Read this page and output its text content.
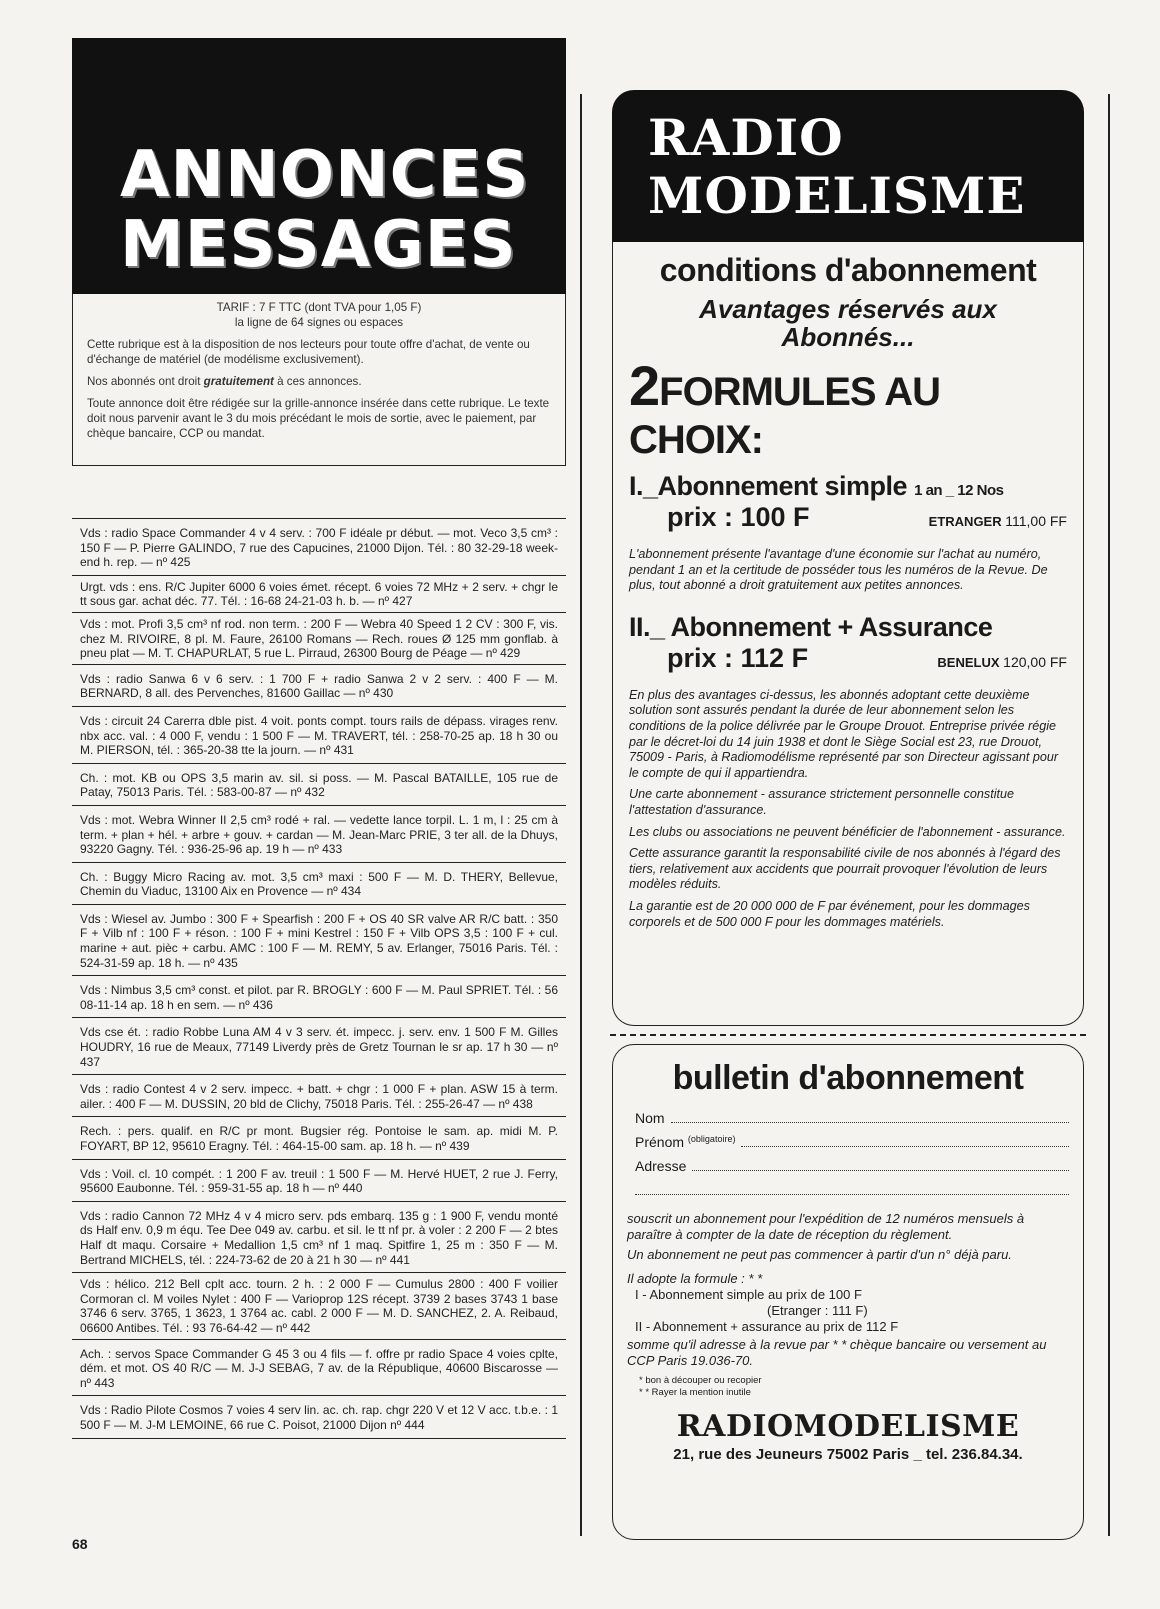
ANNONCES
MESSAGES

TARIF : 7 F TTC (dont TVA pour 1,05 F)

la ligne de 64 signes ou espaces

Cette rubrique est à la disposition de nos lecteurs pour toute offre d'achat, de vente ou d'échange de matériel (de modélisme exclusivement).

Nos abonnés ont droit gratuitement à ces annonces.

Toute annonce doit être rédigée sur la grille-annonce insérée dans cette rubrique. Le texte doit nous parvenir avant le 3 du mois précédant le mois de sortie, avec le paiement, par chèque bancaire, CCP ou mandat.

Vds : radio Space Commander 4 v 4 serv. : 700 F idéale pr début. — mot. Veco 3,5 cm³ : 150 F — P. Pierre GALINDO, 7 rue des Capucines, 21000 Dijon. Tél. : 80 32-29-18 week-end h. rep. — nº 425
Urgt. vds : ens. R/C Jupiter 6000 6 voies émet. récept. 6 voies 72 MHz + 2 serv. + chgr le tt sous gar. achat déc. 77. Tél. : 16-68 24-21-03 h. b. — nº 427
Vds : mot. Profi 3,5 cm³ nf rod. non term. : 200 F — Webra 40 Speed 1 2 CV : 300 F, vis. chez M. RIVOIRE, 8 pl. M. Faure, 26100 Romans — Rech. roues Ø 125 mm gonflab. à pneu plat — M. T. CHAPURLAT, 5 rue L. Pirraud, 26300 Bourg de Péage — nº 429
Vds : radio Sanwa 6 v 6 serv. : 1 700 F + radio Sanwa 2 v 2 serv. : 400 F — M. BERNARD, 8 all. des Pervenches, 81600 Gaillac — nº 430
Vds : circuit 24 Carerra dble pist. 4 voit. ponts compt. tours rails de dépass. virages renv. nbx acc. val. : 4 000 F, vendu : 1 500 F — M. TRAVERT, tél. : 258-70-25 ap. 18 h 30 ou M. PIERSON, tél. : 365-20-38 tte la journ. — nº 431
Ch. : mot. KB ou OPS 3,5 marin av. sil. si poss. — M. Pascal BATAILLE, 105 rue de Patay, 75013 Paris. Tél. : 583-00-87 — nº 432
Vds : mot. Webra Winner II 2,5 cm³ rodé + ral. — vedette lance torpil. L. 1 m, l : 25 cm à term. + plan + hél. + arbre + gouv. + cardan — M. Jean-Marc PRIE, 3 ter all. de la Dhuys, 93220 Gagny. Tél. : 936-25-96 ap. 19 h — nº 433
Ch. : Buggy Micro Racing av. mot. 3,5 cm³ maxi : 500 F — M. D. THERY, Bellevue, Chemin du Viaduc, 13100 Aix en Provence — nº 434
Vds : Wiesel av. Jumbo : 300 F + Spearfish : 200 F + OS 40 SR valve AR R/C batt. : 350 F + Vilb nf : 100 F + réson. : 100 F + mini Kestrel : 150 F + Vilb OPS 3,5 : 100 F + cul. marine + aut. pièc + carbu. AMC : 100 F — M. REMY, 5 av. Erlanger, 75016 Paris. Tél. : 524-31-59 ap. 18 h. — nº 435
Vds : Nimbus 3,5 cm³ const. et pilot. par R. BROGLY : 600 F — M. Paul SPRIET. Tél. : 56 08-11-14 ap. 18 h en sem. — nº 436
Vds cse ét. : radio Robbe Luna AM 4 v 3 serv. ét. impecc. j. serv. env. 1 500 F M. Gilles HOUDRY, 16 rue de Meaux, 77149 Liverdy près de Gretz Tournan le sr ap. 17 h 30 — nº 437
Vds : radio Contest 4 v 2 serv. impecc. + batt. + chgr : 1 000 F + plan. ASW 15 à term. ailer. : 400 F — M. DUSSIN, 20 bld de Clichy, 75018 Paris. Tél. : 255-26-47 — nº 438
Rech. : pers. qualif. en R/C pr mont. Bugsier rég. Pontoise le sam. ap. midi M. P. FOYART, BP 12, 95610 Eragny. Tél. : 464-15-00 sam. ap. 18 h. — nº 439
Vds : Voil. cl. 10 compét. : 1 200 F av. treuil : 1 500 F — M. Hervé HUET, 2 rue J. Ferry, 95600 Eaubonne. Tél. : 959-31-55 ap. 18 h — nº 440
Vds : radio Cannon 72 MHz 4 v 4 micro serv. pds embarq. 135 g : 1 900 F, vendu monté ds Half env. 0,9 m équ. Tee Dee 049 av. carbu. et sil. le tt nf pr. à voler : 2 200 F — 2 btes Half dt maqu. Corsaire + Medallion 1,5 cm³ nf 1 maq. Spitfire 1, 25 m : 350 F — M. Bertrand MICHELS, tél. : 224-73-62 de 20 à 21 h 30 — nº 441
Vds : hélico. 212 Bell cplt acc. tourn. 2 h. : 2 000 F — Cumulus 2800 : 400 F voilier Cormoran cl. M voiles Nylet : 400 F — Varioprop 12S récept. 3739 2 bases 3743 1 base 3746 6 serv. 3765, 1 3623, 1 3764 ac. cabl. 2 000 F — M. D. SANCHEZ, 2. A. Reibaud, 06600 Antibes. Tél. : 93 76-64-42 — nº 442
Ach. : servos Space Commander G 45 3 ou 4 fils — f. offre pr radio Space 4 voies cplte, dém. et mot. OS 40 R/C — M. J-J SEBAG, 7 av. de la République, 40600 Biscarosse — nº 443
Vds : Radio Pilote Cosmos 7 voies 4 serv lin. ac. ch. rap. chgr 220 V et 12 V acc. t.b.e. : 1 500 F — M. J-M LEMOINE, 66 rue C. Poisot, 21000 Dijon nº 444
68
RADIO
MODELISME

conditions d'abonnement

Avantages réservés aux
Abonnés...

2FORMULES AU CHOIX:

I._Abonnement simple 1 an _ 12 Nos

prix : 100 F	ETRANGER 111,00 FF

L'abonnement présente l'avantage d'une économie sur l'achat au numéro, pendant 1 an et la certitude de posséder tous les numéros de la Revue. De plus, tout abonné a droit gratuitement aux petites annonces.

II._ Abonnement + Assurance

prix : 112 F	BENELUX 120,00 FF

En plus des avantages ci-dessus, les abonnés adoptant cette deuxième solution sont assurés pendant la durée de leur abonnement selon les conditions de la police délivrée par le Groupe Drouot. Entreprise privée régie par le décret-loi du 14 juin 1938 et dont le Siège Social est 23, rue Drouot, 75009 - Paris, à Radiomodélisme représenté par son Directeur agissant pour le compte de qui il appartiendra.

Une carte abonnement - assurance strictement personnelle constitue l'attestation d'assurance.

Les clubs ou associations ne peuvent bénéficier de l'abonnement - assurance.

Cette assurance garantit la responsabilité civile de nos abonnés à l'égard des tiers, relativement aux accidents que pourrait provoquer l'évolution de leurs modèles réduits.

La garantie est de 20 000 000 de F par événement, pour les dommages corporels et de 500 000 F pour les dommages matériels.

bulletin d'abonnement

Nom
Prénom
(obligatoire)
Adresse

souscrit un abonnement pour l'expédition de 12 numéros mensuels à paraître à compter de la date de réception du règlement.

Un abonnement ne peut pas commencer à partir d'un n° déjà paru.

Il adopte la formule : * *

I - Abonnement simple au prix de 100 F

(Etranger : 111 F)

II - Abonnement + assurance au prix de 112 F

somme qu'il adresse à la revue par * * chèque bancaire ou versement au CCP Paris 19.036-70.

* bon à découper ou recopier
* * Rayer la mention inutile

RADIOMODELISME

21, rue des Jeuneurs 75002 Paris _ tel. 236.84.34.
